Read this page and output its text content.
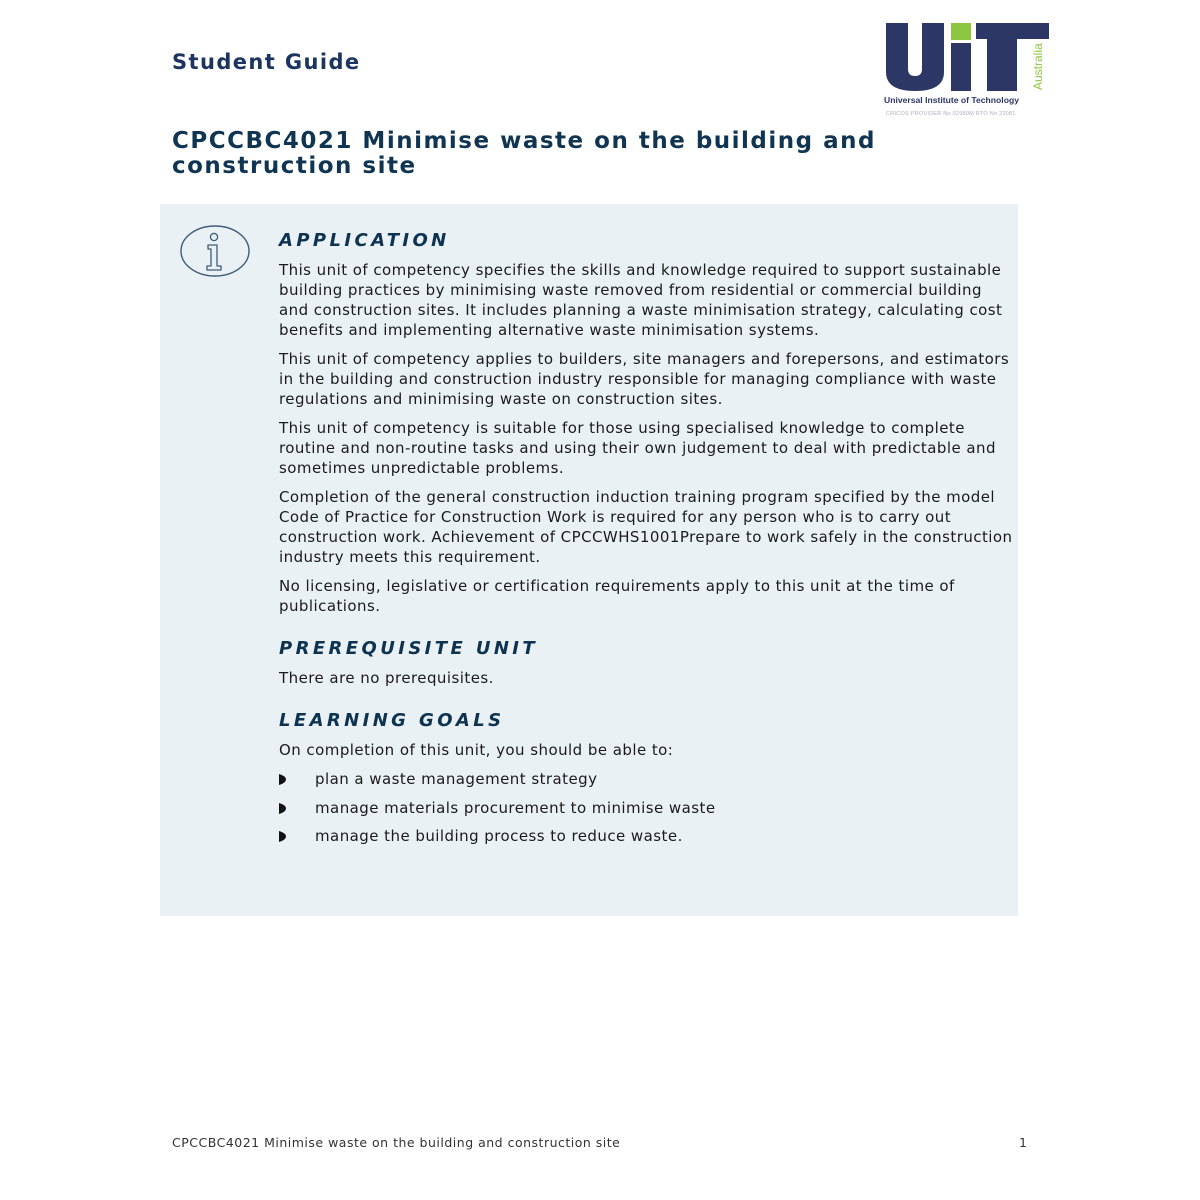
Student Guide	Australia
Universal Institute of Technology
CRICOS PROVIDER No 02980M RTO No 22081
CPCCBC4021 Minimise waste on the building and construction site
APPLICATION

This unit of competency specifies the skills and knowledge required to support sustainable building practices by minimising waste removed from residential or commercial building and construction sites. It includes planning a waste minimisation strategy, calculating cost benefits and implementing alternative waste minimisation systems.

This unit of competency applies to builders, site managers and forepersons, and estimators in the building and construction industry responsible for managing compliance with waste regulations and minimising waste on construction sites.

This unit of competency is suitable for those using specialised knowledge to complete routine and non-routine tasks and using their own judgement to deal with predictable and sometimes unpredictable problems.

Completion of the general construction induction training program specified by the model Code of Practice for Construction Work is required for any person who is to carry out construction work. Achievement of CPCCWHS1001Prepare to work safely in the construction industry meets this requirement.

No licensing, legislative or certification requirements apply to this unit at the time of publications.

PREREQUISITE UNIT

There are no prerequisites.

LEARNING GOALS

On completion of this unit, you should be able to:

plan a waste management strategy
manage materials procurement to minimise waste
manage the building process to reduce waste.
CPCCBC4021 Minimise waste on the building and construction site	1
